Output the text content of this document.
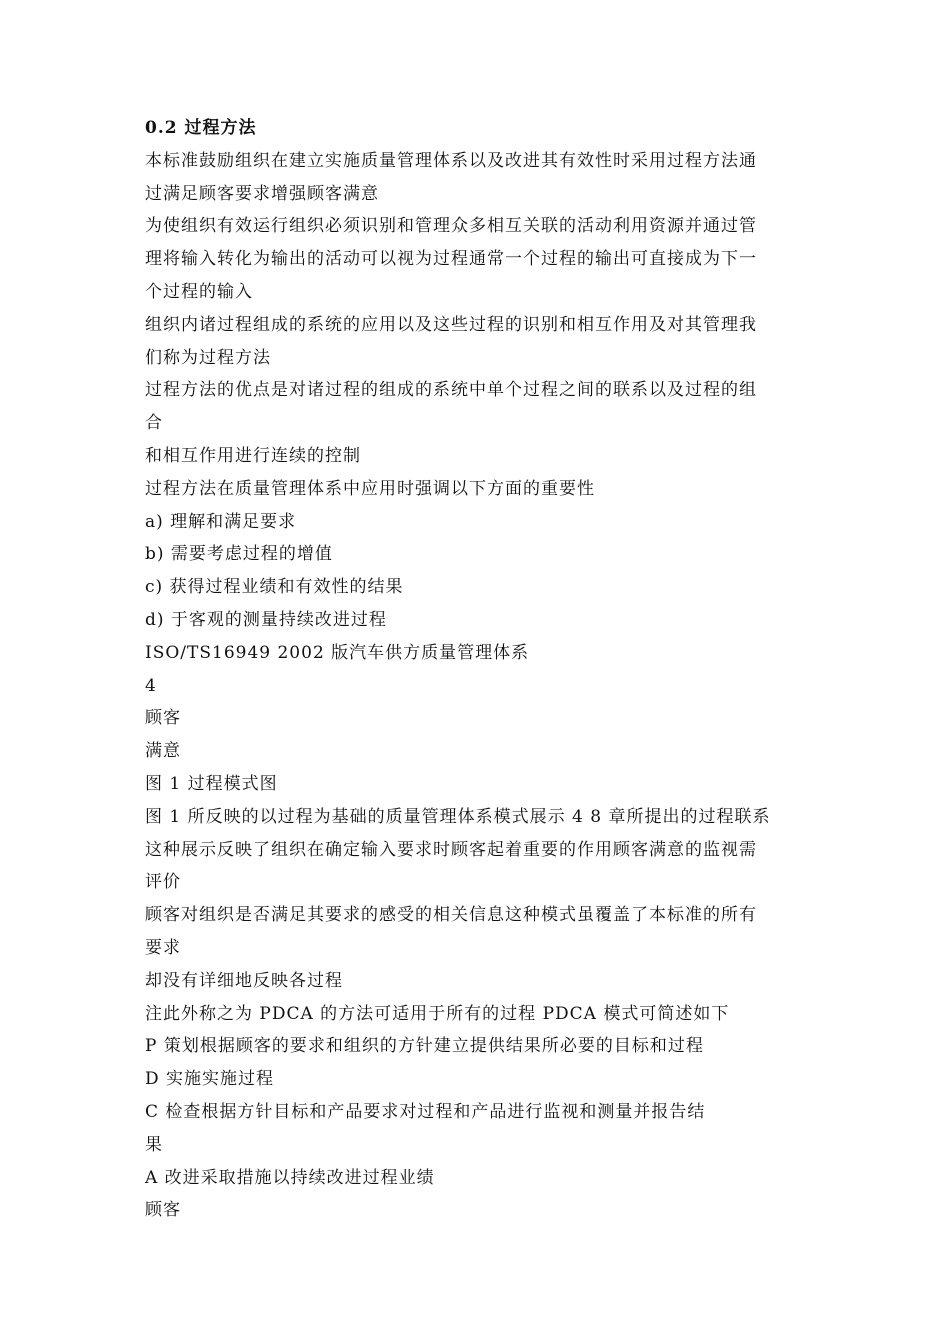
0.2 过程方法

本标准鼓励组织在建立实施质量管理体系以及改进其有效性时采用过程方法通

过满足顾客要求增强顾客满意

为使组织有效运行组织必须识别和管理众多相互关联的活动利用资源并通过管

理将输入转化为输出的活动可以视为过程通常一个过程的输出可直接成为下一

个过程的输入

组织内诸过程组成的系统的应用以及这些过程的识别和相互作用及对其管理我

们称为过程方法

过程方法的优点是对诸过程的组成的系统中单个过程之间的联系以及过程的组

合

和相互作用进行连续的控制

过程方法在质量管理体系中应用时强调以下方面的重要性

a) 理解和满足要求

b) 需要考虑过程的增值

c) 获得过程业绩和有效性的结果

d) 于客观的测量持续改进过程

ISO/TS16949 2002 版汽车供方质量管理体系

4

顾客

满意

图 1 过程模式图

图 1 所反映的以过程为基础的质量管理体系模式展示 4 8 章所提出的过程联系

这种展示反映了组织在确定输入要求时顾客起着重要的作用顾客满意的监视需

评价

顾客对组织是否满足其要求的感受的相关信息这种模式虽覆盖了本标准的所有

要求

却没有详细地反映各过程

注此外称之为 PDCA 的方法可适用于所有的过程 PDCA 模式可简述如下

P 策划根据顾客的要求和组织的方针建立提供结果所必要的目标和过程

D 实施实施过程

C 检查根据方针目标和产品要求对过程和产品进行监视和测量并报告结

果

A 改进采取措施以持续改进过程业绩

顾客
